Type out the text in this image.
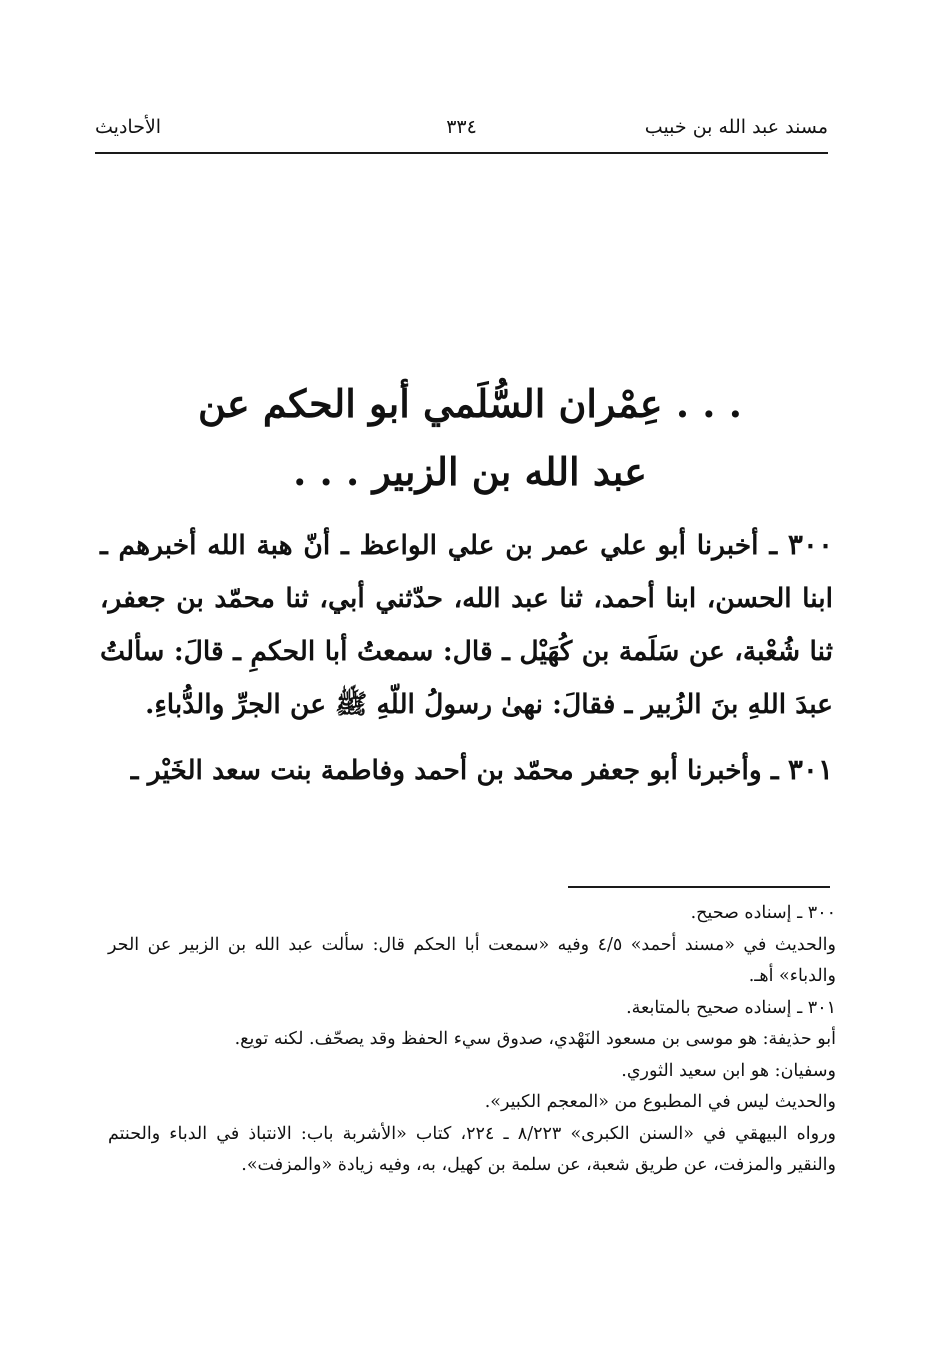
مسند عبد الله بن خبيب
٣٣٤
الأحاديث
. . . عِمْران السُّلَمي أبو الحكم عن
عبد الله بن الزبير . . .

٣٠٠ ـ أخبرنا أبو علي عمر بن علي الواعظ ـ أنّ هبة الله أخبرهم ـ ابنا الحسن، ابنا أحمد، ثنا عبد الله، حدّثني أبي، ثنا محمّد بن جعفر، ثنا شُعْبة، عن سَلَمة بن كُهَيْل ـ قال: سمعتُ أبا الحكمِ ـ قالَ: سألتُ عبدَ اللهِ بنَ الزُبير ـ فقالَ: نهىٰ رسولُ اللّهِ ﷺ عن الجرِّ والدُّباءِ.

٣٠١ ـ وأخبرنا أبو جعفر محمّد بن أحمد وفاطمة بنت سعد الخَيْر ـ

٣٠٠ ـ إسناده صحيح.

والحديث في «مسند أحمد» ٤/٥ وفيه «سمعت أبا الحكم قال: سألت عبد الله بن الزبير عن الحر والدباء» أهـ.

٣٠١ ـ إسناده صحيح بالمتابعة.

أبو حذيفة: هو موسى بن مسعود النَهْدي، صدوق سيء الحفظ وقد يصحّف. لكنه تويع.

وسفيان: هو ابن سعيد الثوري.

والحديث ليس في المطبوع من «المعجم الكبير».

ورواه البيهقي في «السنن الكبرى» ٨/٢٢٣ ـ ٢٢٤، كتاب «الأشربة باب: الانتباذ في الدباء والحنتم والنقير والمزفت، عن طريق شعبة، عن سلمة بن كهيل، به، وفيه زيادة «والمزفت».
